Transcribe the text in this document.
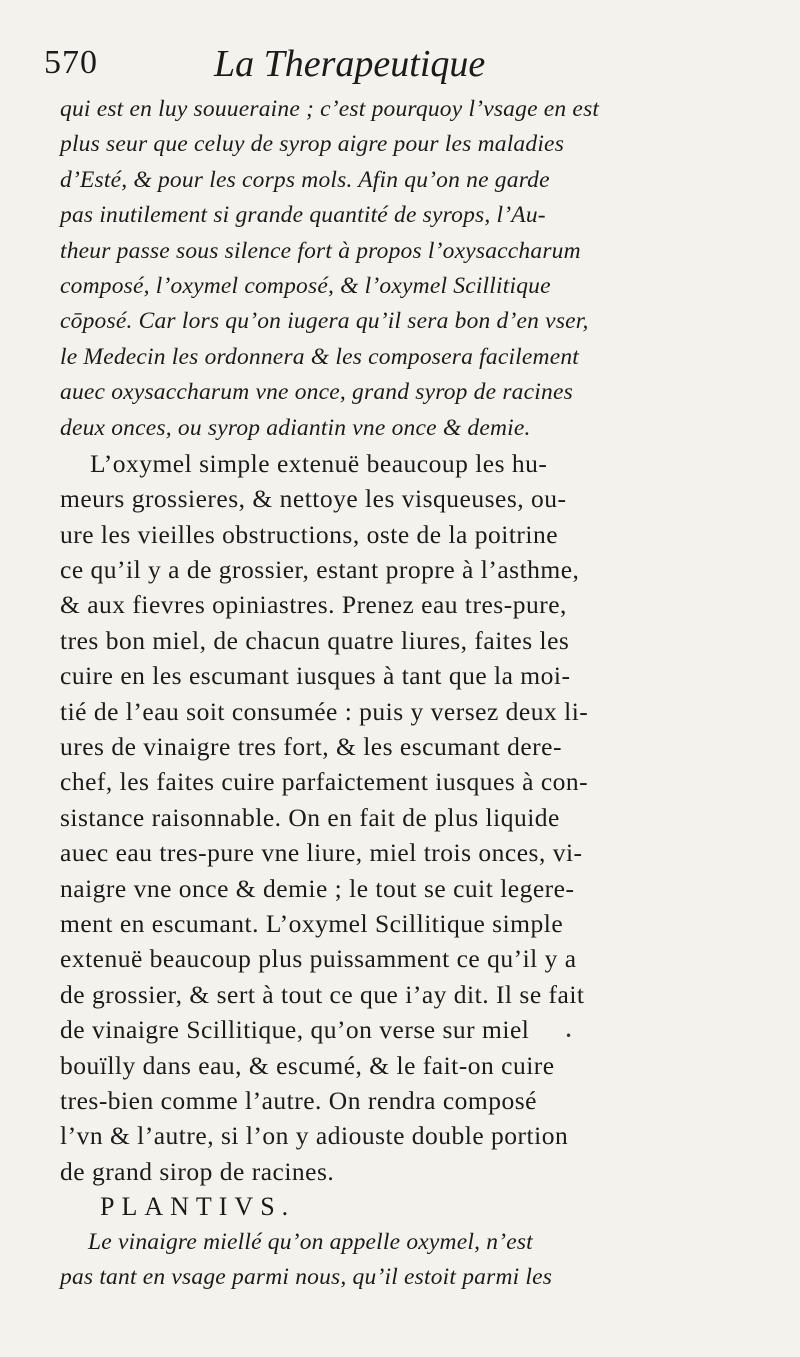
570	La Therapeutique
qui est en luy souueraine ; c’est pourquoy l’vsage en est
plus seur que celuy de syrop aigre pour les maladies
d’Esté, & pour les corps mols. Afin qu’on ne garde
pas inutilement si grande quantité de syrops, l’Au-
theur passe sous silence fort à propos l’oxysaccharum
composé, l’oxymel composé, & l’oxymel Scillitique
cōposé. Car lors qu’on iugera qu’il sera bon d’en vser,
le Medecin les ordonnera & les composera facilement
auec oxysaccharum vne once, grand syrop de racines
deux onces, ou syrop adiantin vne once & demie.
L’oxymel simple extenuë beaucoup les hu-
meurs grossieres, & nettoye les visqueuses, ou-
ure les vieilles obstructions, oste de la poitrine
ce qu’il y a de grossier, estant propre à l’asthme,
& aux fievres opiniastres. Prenez eau tres-pure,
tres bon miel, de chacun quatre liures, faites les
cuire en les escumant iusques à tant que la moi-
tié de l’eau soit consumée : puis y versez deux li-
ures de vinaigre tres fort, & les escumant dere-
chef, les faites cuire parfaictement iusques à con-
sistance raisonnable. On en fait de plus liquide
auec eau tres-pure vne liure, miel trois onces, vi-
naigre vne once & demie ; le tout se cuit legere-
ment en escumant. L’oxymel Scillitique simple
extenuë beaucoup plus puissamment ce qu’il y a
de grossier, & sert à tout ce que i’ay dit. Il se fait
de vinaigre Scillitique, qu’on verse sur miel
bouïlly dans eau, & escumé, & le fait-on cuire
tres-bien comme l’autre. On rendra composé
l’vn & l’autre, si l’on y adiouste double portion
de grand sirop de racines.
PLANTIVS.
Le vinaigre miellé qu’on appelle oxymel, n’est
pas tant en vsage parmi nous, qu’il estoit parmi les
•
